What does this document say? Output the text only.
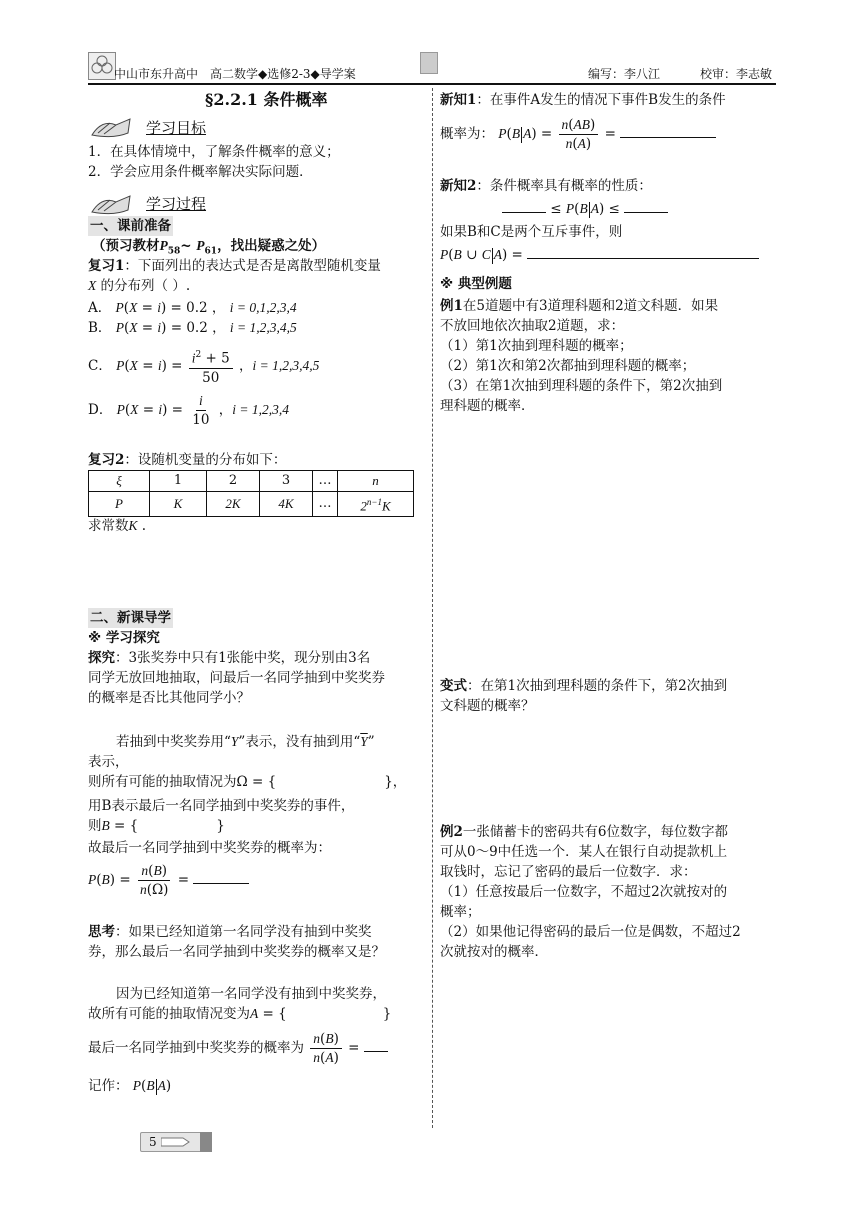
中山市东升高中 高二数学◆选修2-3◆导学案	编写：李八江	校审：李志敏
§2.2.1 条件概率
学习目标
1．在具体情境中，了解条件概率的意义；
2．学会应用条件概率解决实际问题．
学习过程
一、课前准备
（预习教材$P_{58}\sim$ $P_{61}$，找出疑惑之处）
复习1：下面列出的表达式是否是离散型随机变量
X 的分布列（ ）.
A． P(X = i) = 0.2 ， i = 0,1,2,3,4
B． P(X = i) = 0.2 ， i = 1,2,3,4,5
C． $P(X = i) = \frac{i^2 + 5}{50}$ ，i = 1,2,3,4,5
D． $P(X = i) = \frac{i}{10}$ ，i = 1,2,3,4
复习2：设随机变量的分布如下：
ξ	1	2	3	…	n
P	K	2K	4K	…	$2^{n-1}K$
求常数K .
二、新课导学
※ 学习探究
探究：3张奖券中只有1张能中奖，现分别由3名
同学无放回地抽取，问最后一名同学抽到中奖奖券
的概率是否比其他同学小？
若抽到中奖奖券用“Y”表示，没有抽到用“$\overline{Y}$”
表示，
则所有可能的抽取情况为Ω = {	}，
用B表示最后一名同学抽到中奖奖券的事件，
则B = {	}
故最后一名同学抽到中奖奖券的概率为：
$P(B) = \frac{n(B)}{n(\Omega)}$ =
思考：如果已经知道第一名同学没有抽到中奖奖
券，那么最后一名同学抽到中奖奖券的概率又是？
因为已经知道第一名同学没有抽到中奖奖券，
故所有可能的抽取情况变为A = {	}
最后一名同学抽到中奖奖券的概率为 $\frac{n(B)}{n(A)}$ =
记作： P(B A)
新知1：在事件A发生的情况下事件B发生的条件
概率为： P(B $A) = \frac{n(AB)}{n(A)}$ =
新知2：条件概率具有概率的性质：
≤ P(B A) ≤
如果B和C是两个互斥事件，则
P(B ∪ C A) =
※ 典型例题
例1在5道题中有3道理科题和2道文科题．如果
不放回地依次抽取2道题，求：
（1）第1次抽到理科题的概率；
（2）第1次和第2次都抽到理科题的概率；
（3）在第1次抽到理科题的条件下，第2次抽到
理科题的概率．
变式：在第1次抽到理科题的条件下，第2次抽到
文科题的概率？
例2一张储蓄卡的密码共有6位数字，每位数字都
可从0～9中任选一个．某人在银行自动提款机上
取钱时，忘记了密码的最后一位数字．求：
（1）任意按最后一位数字，不超过2次就按对的
概率；
（2）如果他记得密码的最后一位是偶数，不超过2
次就按对的概率．
5
